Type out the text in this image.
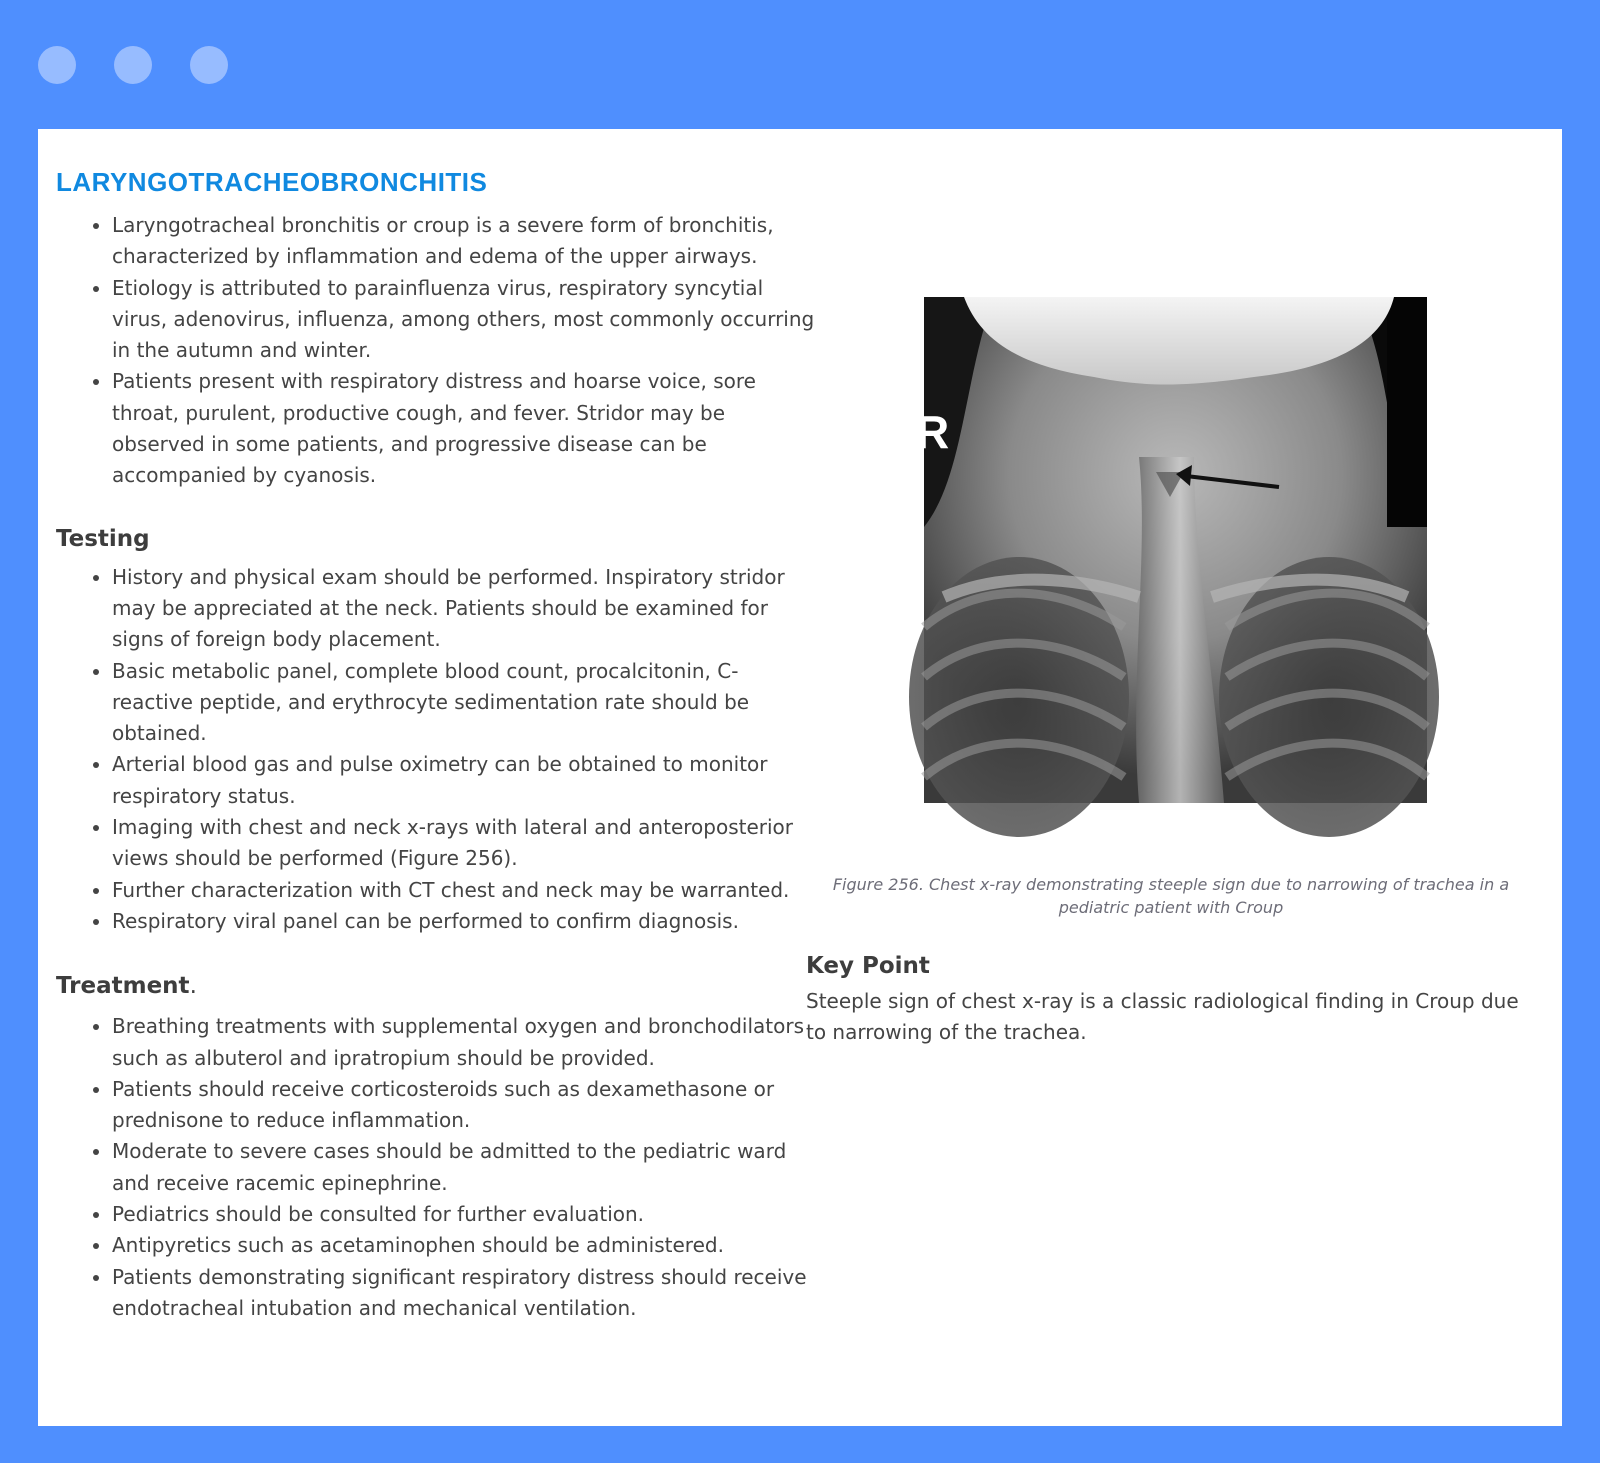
LARYNGOTRACHEOBRONCHITIS
• Laryngotracheal bronchitis or croup is a severe form of bronchitis, characterized by inflammation and edema of the upper airways.
• Etiology is attributed to parainfluenza virus, respiratory syncytial virus, adenovirus, influenza, among others, most commonly occurring in the autumn and winter.
• Patients present with respiratory distress and hoarse voice, sore throat, purulent, productive cough, and fever. Stridor may be observed in some patients, and progressive disease can be accompanied by cyanosis.
Testing
• History and physical exam should be performed. Inspiratory stridor may be appreciated at the neck. Patients should be examined for signs of foreign body placement.
• Basic metabolic panel, complete blood count, procalcitonin, C-reactive peptide, and erythrocyte sedimentation rate should be obtained.
• Arterial blood gas and pulse oximetry can be obtained to monitor respiratory status.
• Imaging with chest and neck x-rays with lateral and anteroposterior views should be performed (Figure 256).
• Further characterization with CT chest and neck may be warranted.
• Respiratory viral panel can be performed to confirm diagnosis.
Treatment.
• Breathing treatments with supplemental oxygen and bronchodilators such as albuterol and ipratropium should be provided.
• Patients should receive corticosteroids such as dexamethasone or prednisone to reduce inflammation.
• Moderate to severe cases should be admitted to the pediatric ward and receive racemic epinephrine.
• Pediatrics should be consulted for further evaluation.
• Antipyretics such as acetaminophen should be administered.
• Patients demonstrating significant respiratory distress should receive endotracheal intubation and mechanical ventilation.
R
Figure 256. Chest x-ray demonstrating steeple sign due to narrowing of trachea in a pediatric patient with Croup
Key Point

Steeple sign of chest x-ray is a classic radiological finding in Croup due to narrowing of the trachea.
